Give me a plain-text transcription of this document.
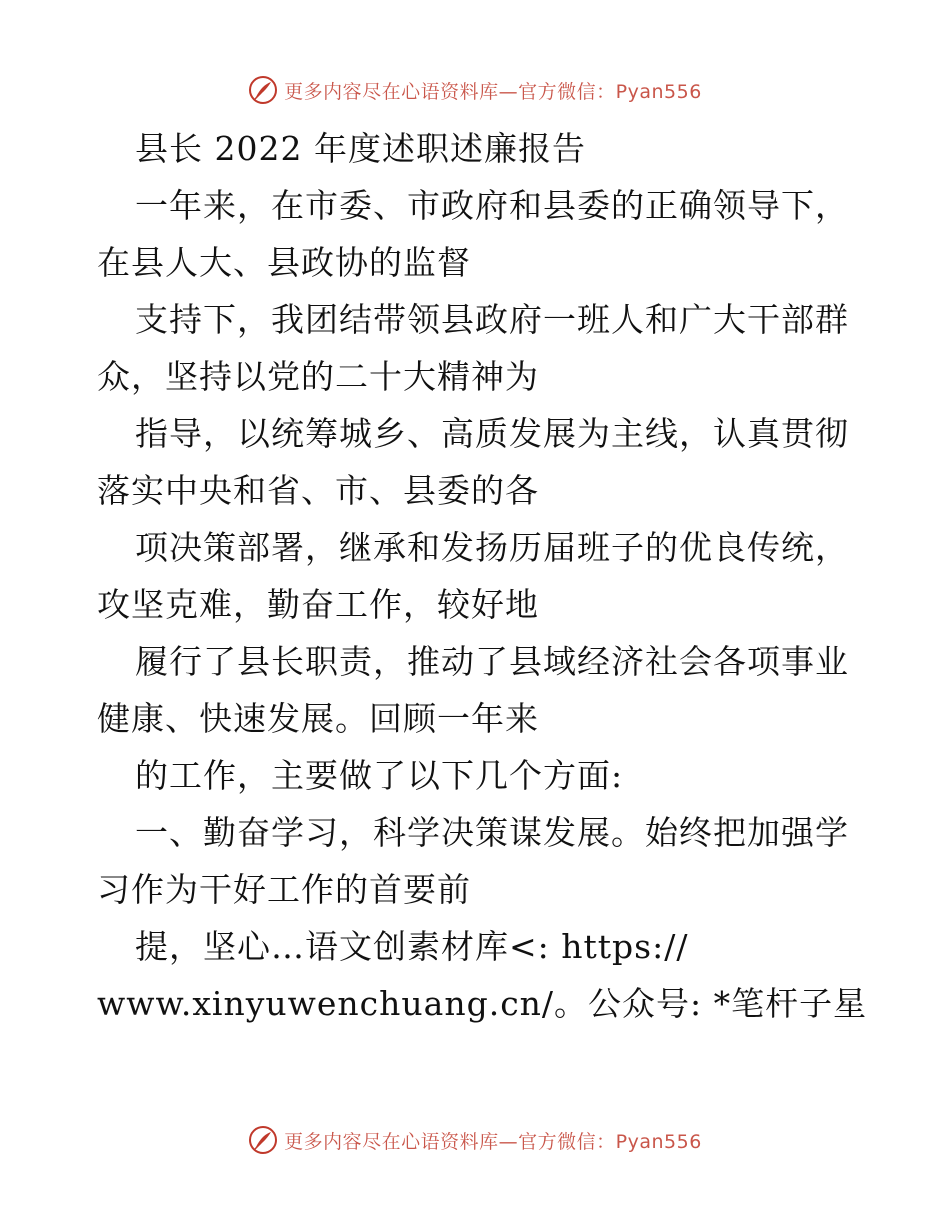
更多内容尽在心语资料库—官方微信：Pyan556
县长 2022 年度述职述廉报告
一年来，在市委、市政府和县委的正确领导下，
在县人大、县政协的监督
支持下，我团结带领县政府一班人和广大干部群
众，坚持以党的二十大精神为
指导，以统筹城乡、高质发展为主线，认真贯彻
落实中央和省、市、县委的各
项决策部署，继承和发扬历届班子的优良传统，
攻坚克难，勤奋工作，较好地
履行了县长职责，推动了县域经济社会各项事业
健康、快速发展。回顾一年来
的工作，主要做了以下几个方面:
一、勤奋学习，科学决策谋发展。始终把加强学
习作为干好工作的首要前
提，坚心…语文创素材库<: https://
www.xinyuwenchuang.cn/。公众号: *笔杆子星
更多内容尽在心语资料库—官方微信：Pyan556
